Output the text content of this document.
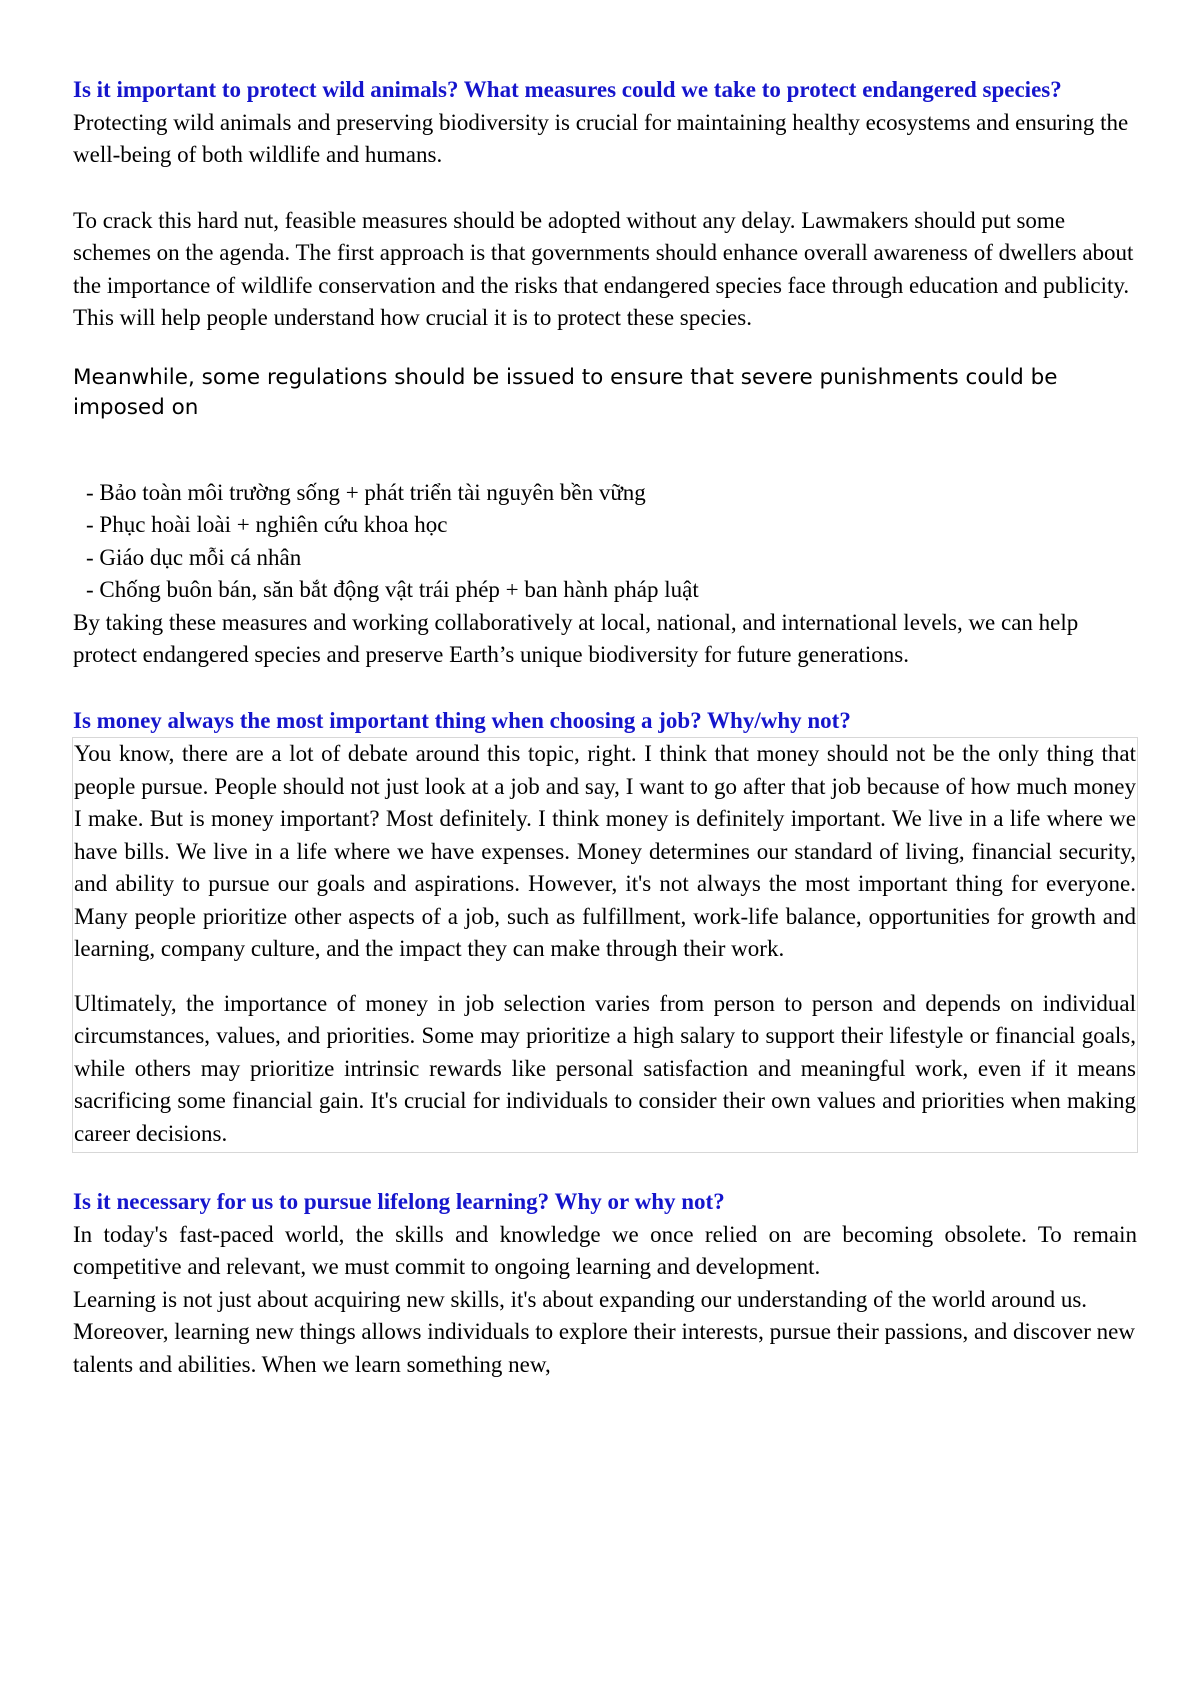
Is it important to protect wild animals? What measures could we take to protect endangered species?

Protecting wild animals and preserving biodiversity is crucial for maintaining healthy ecosystems and ensuring the well-being of both wildlife and humans.

To crack this hard nut, feasible measures should be adopted without any delay. Lawmakers should put some schemes on the agenda. The first approach is that governments should enhance overall awareness of dwellers about the importance of wildlife conservation and the risks that endangered species face through education and publicity. This will help people understand how crucial it is to protect these species.

Meanwhile, some regulations should be issued to ensure that severe punishments could be imposed on

- Bảo toàn môi trường sống + phát triển tài nguyên bền vững
- Phục hoài loài + nghiên cứu khoa học
- Giáo dục mỗi cá nhân
- Chống buôn bán, săn bắt động vật trái phép + ban hành pháp luật

By taking these measures and working collaboratively at local, national, and international levels, we can help protect endangered species and preserve Earth’s unique biodiversity for future generations.

Is money always the most important thing when choosing a job? Why/why not?

You know, there are a lot of debate around this topic, right. I think that money should not be the only thing that people pursue. People should not just look at a job and say, I want to go after that job because of how much money I make. But is money important? Most definitely. I think money is definitely important. We live in a life where we have bills. We live in a life where we have expenses. Money determines our standard of living, financial security, and ability to pursue our goals and aspirations. However, it's not always the most important thing for everyone. Many people prioritize other aspects of a job, such as fulfillment, work-life balance, opportunities for growth and learning, company culture, and the impact they can make through their work.

Ultimately, the importance of money in job selection varies from person to person and depends on individual circumstances, values, and priorities. Some may prioritize a high salary to support their lifestyle or financial goals, while others may prioritize intrinsic rewards like personal satisfaction and meaningful work, even if it means sacrificing some financial gain. It's crucial for individuals to consider their own values and priorities when making career decisions.

Is it necessary for us to pursue lifelong learning? Why or why not?

In today's fast-paced world, the skills and knowledge we once relied on are becoming obsolete. To remain competitive and relevant, we must commit to ongoing learning and development.

Learning is not just about acquiring new skills, it's about expanding our understanding of the world around us. Moreover, learning new things allows individuals to explore their interests, pursue their passions, and discover new talents and abilities. When we learn something new,
